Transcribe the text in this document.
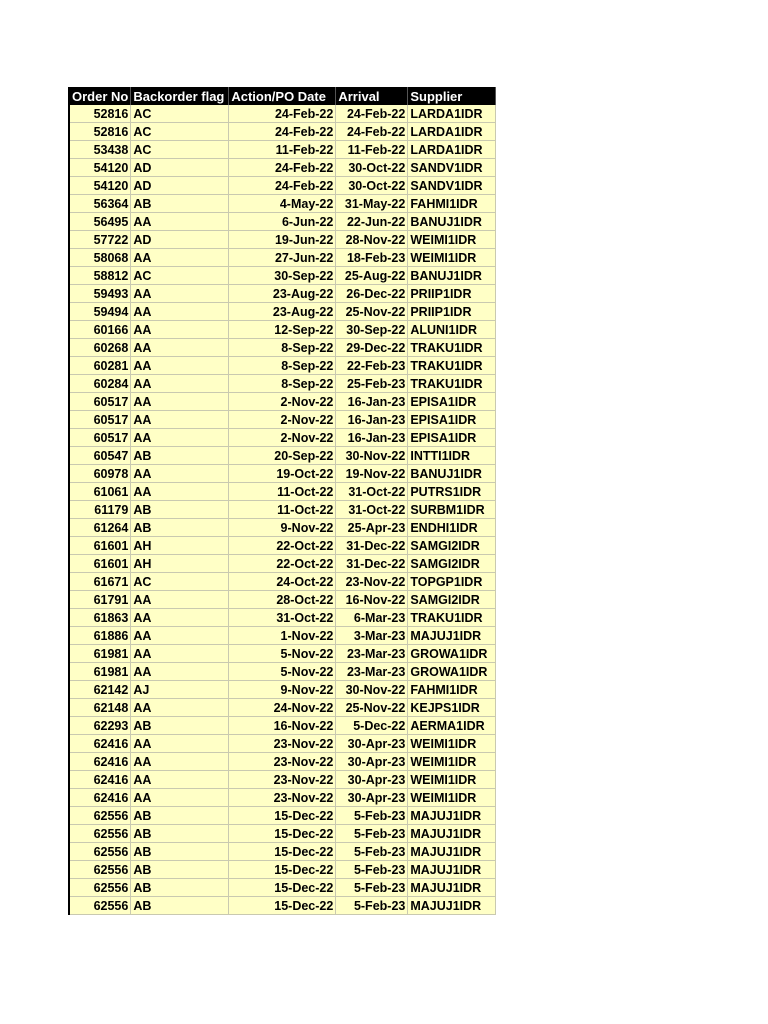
Order No	Backorder flag	Action/PO Date	Arrival	Supplier
52816	AC	24-Feb-22	24-Feb-22	LARDA1IDR
52816	AC	24-Feb-22	24-Feb-22	LARDA1IDR
53438	AC	11-Feb-22	11-Feb-22	LARDA1IDR
54120	AD	24-Feb-22	30-Oct-22	SANDV1IDR
54120	AD	24-Feb-22	30-Oct-22	SANDV1IDR
56364	AB	4-May-22	31-May-22	FAHMI1IDR
56495	AA	6-Jun-22	22-Jun-22	BANUJ1IDR
57722	AD	19-Jun-22	28-Nov-22	WEIMI1IDR
58068	AA	27-Jun-22	18-Feb-23	WEIMI1IDR
58812	AC	30-Sep-22	25-Aug-22	BANUJ1IDR
59493	AA	23-Aug-22	26-Dec-22	PRIIP1IDR
59494	AA	23-Aug-22	25-Nov-22	PRIIP1IDR
60166	AA	12-Sep-22	30-Sep-22	ALUNI1IDR
60268	AA	8-Sep-22	29-Dec-22	TRAKU1IDR
60281	AA	8-Sep-22	22-Feb-23	TRAKU1IDR
60284	AA	8-Sep-22	25-Feb-23	TRAKU1IDR
60517	AA	2-Nov-22	16-Jan-23	EPISA1IDR
60517	AA	2-Nov-22	16-Jan-23	EPISA1IDR
60517	AA	2-Nov-22	16-Jan-23	EPISA1IDR
60547	AB	20-Sep-22	30-Nov-22	INTTI1IDR
60978	AA	19-Oct-22	19-Nov-22	BANUJ1IDR
61061	AA	11-Oct-22	31-Oct-22	PUTRS1IDR
61179	AB	11-Oct-22	31-Oct-22	SURBM1IDR
61264	AB	9-Nov-22	25-Apr-23	ENDHI1IDR
61601	AH	22-Oct-22	31-Dec-22	SAMGI2IDR
61601	AH	22-Oct-22	31-Dec-22	SAMGI2IDR
61671	AC	24-Oct-22	23-Nov-22	TOPGP1IDR
61791	AA	28-Oct-22	16-Nov-22	SAMGI2IDR
61863	AA	31-Oct-22	6-Mar-23	TRAKU1IDR
61886	AA	1-Nov-22	3-Mar-23	MAJUJ1IDR
61981	AA	5-Nov-22	23-Mar-23	GROWA1IDR
61981	AA	5-Nov-22	23-Mar-23	GROWA1IDR
62142	AJ	9-Nov-22	30-Nov-22	FAHMI1IDR
62148	AA	24-Nov-22	25-Nov-22	KEJPS1IDR
62293	AB	16-Nov-22	5-Dec-22	AERMA1IDR
62416	AA	23-Nov-22	30-Apr-23	WEIMI1IDR
62416	AA	23-Nov-22	30-Apr-23	WEIMI1IDR
62416	AA	23-Nov-22	30-Apr-23	WEIMI1IDR
62416	AA	23-Nov-22	30-Apr-23	WEIMI1IDR
62556	AB	15-Dec-22	5-Feb-23	MAJUJ1IDR
62556	AB	15-Dec-22	5-Feb-23	MAJUJ1IDR
62556	AB	15-Dec-22	5-Feb-23	MAJUJ1IDR
62556	AB	15-Dec-22	5-Feb-23	MAJUJ1IDR
62556	AB	15-Dec-22	5-Feb-23	MAJUJ1IDR
62556	AB	15-Dec-22	5-Feb-23	MAJUJ1IDR
